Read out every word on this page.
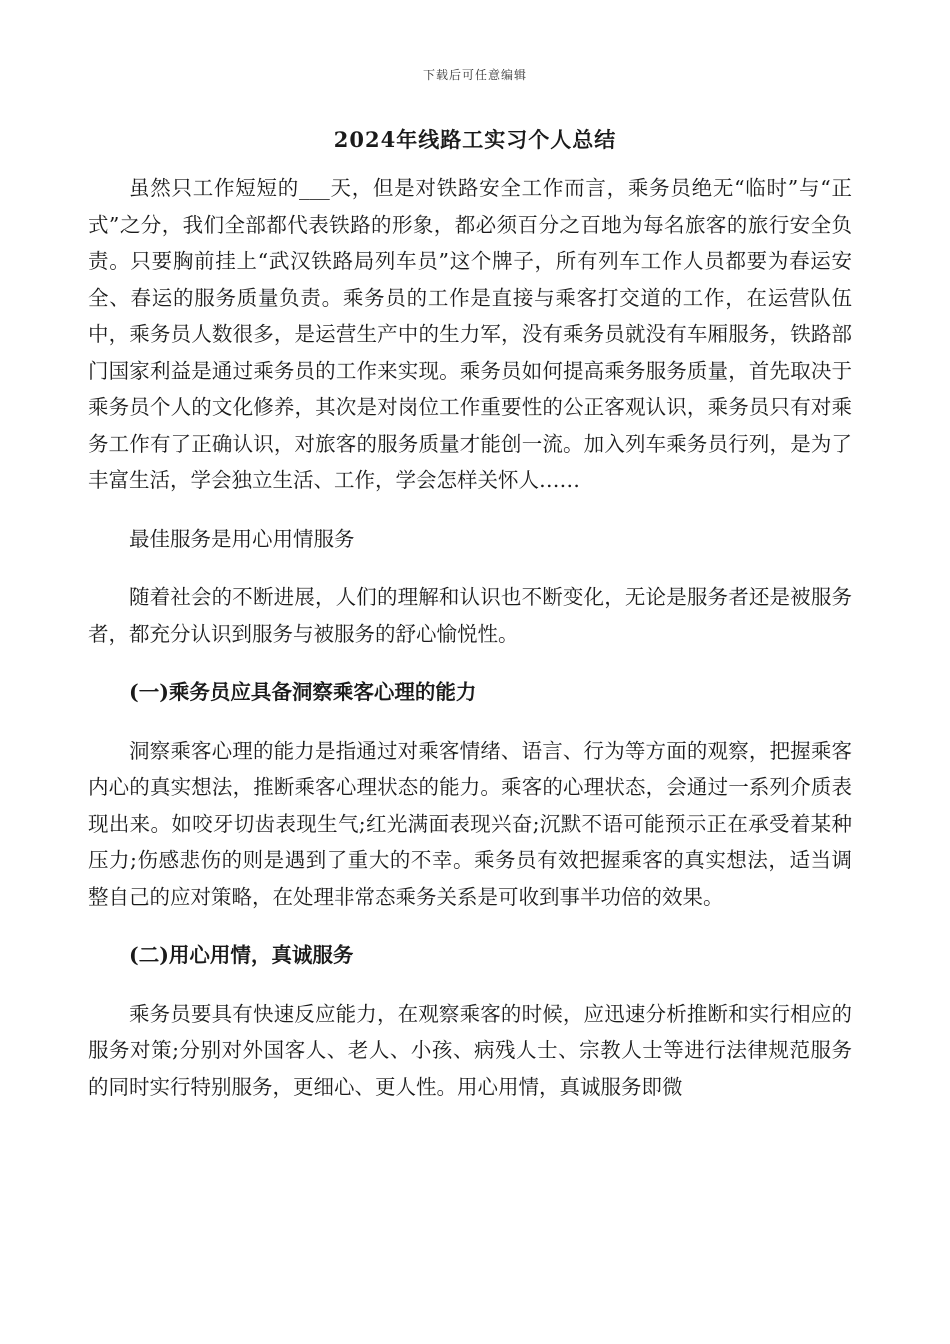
下载后可任意编辑
2024年线路工实习个人总结

虽然只工作短短的___天，但是对铁路安全工作而言，乘务员绝无“临时”与“正式”之分，我们全部都代表铁路的形象，都必须百分之百地为每名旅客的旅行安全负责。只要胸前挂上“武汉铁路局列车员”这个牌子，所有列车工作人员都要为春运安全、春运的服务质量负责。乘务员的工作是直接与乘客打交道的工作，在运营队伍中，乘务员人数很多，是运营生产中的生力军，没有乘务员就没有车厢服务，铁路部门国家利益是通过乘务员的工作来实现。乘务员如何提高乘务服务质量，首先取决于乘务员个人的文化修养，其次是对岗位工作重要性的公正客观认识，乘务员只有对乘务工作有了正确认识，对旅客的服务质量才能创一流。加入列车乘务员行列，是为了丰富生活，学会独立生活、工作，学会怎样关怀人……

最佳服务是用心用情服务

随着社会的不断进展，人们的理解和认识也不断变化，无论是服务者还是被服务者，都充分认识到服务与被服务的舒心愉悦性。

(一)乘务员应具备洞察乘客心理的能力

洞察乘客心理的能力是指通过对乘客情绪、语言、行为等方面的观察，把握乘客内心的真实想法，推断乘客心理状态的能力。乘客的心理状态，会通过一系列介质表现出来。如咬牙切齿表现生气;红光满面表现兴奋;沉默不语可能预示正在承受着某种压力;伤感悲伤的则是遇到了重大的不幸。乘务员有效把握乘客的真实想法，适当调整自己的应对策略，在处理非常态乘务关系是可收到事半功倍的效果。

(二)用心用情，真诚服务

乘务员要具有快速反应能力，在观察乘客的时候，应迅速分析推断和实行相应的服务对策;分别对外国客人、老人、小孩、病残人士、宗教人士等进行法律规范服务的同时实行特别服务，更细心、更人性。用心用情，真诚服务即微
